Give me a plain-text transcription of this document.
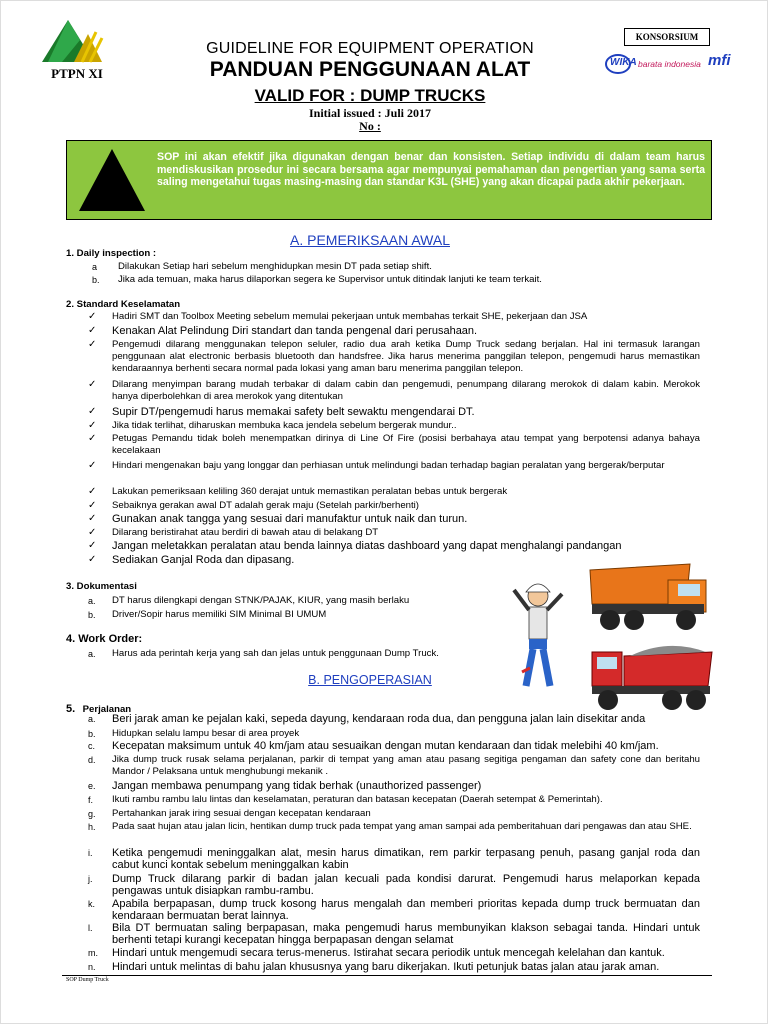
PTPN XI
GUIDELINE FOR EQUIPMENT OPERATION
PANDUAN PENGGUNAAN ALAT
VALID FOR : DUMP TRUCKS
Initial issued : Juli 2017
No :
KONSORSIUM
WIKA barata indonesia mfi
SOP ini akan efektif jika digunakan dengan benar dan konsisten. Setiap individu di dalam team harus mendiskusikan prosedur ini secara bersama agar mempunyai pemahaman dan pengertian yang sama serta saling mengetahui tugas masing-masing dan standar K3L (SHE) yang akan dicapai pada akhir pekerjaan.
A. PEMERIKSAAN AWAL
1. Daily inspection :
a Dilakukan Setiap hari sebelum menghidupkan mesin DT pada setiap shift.
b. Jika ada temuan, maka harus dilaporkan segera ke Supervisor untuk ditindak lanjuti ke team terkait.
2. Standard Keselamatan
✓ Hadiri SMT dan Toolbox Meeting sebelum memulai pekerjaan untuk membahas terkait SHE, pekerjaan dan JSA
✓ Kenakan Alat Pelindung Diri standart dan tanda pengenal dari perusahaan.
✓ Pengemudi dilarang menggunakan telepon seluler, radio dua arah ketika Dump Truck sedang berjalan. Hal ini termasuk larangan penggunaan alat electronic berbasis bluetooth dan handsfree. Jika harus menerima panggilan telepon, pengemudi harus memastikan kendaraannya berhenti secara normal pada lokasi yang aman baru menerima panggilan telepon.
✓ Dilarang menyimpan barang mudah terbakar di dalam cabin dan pengemudi, penumpang dilarang merokok di dalam kabin. Merokok hanya diperbolehkan di area merokok yang ditentukan
✓ Supir DT/pengemudi harus memakai safety belt sewaktu mengendarai DT.
✓ Jika tidak terlihat, diharuskan membuka kaca jendela sebelum bergerak mundur..
✓ Petugas Pemandu tidak boleh menempatkan dirinya di Line Of Fire (posisi berbahaya atau tempat yang berpotensi adanya bahaya kecelakaan
✓ Hindari mengenakan baju yang longgar dan perhiasan untuk melindungi badan terhadap bagian peralatan yang bergerak/berputar
✓ Lakukan pemeriksaan keliling 360 derajat untuk memastikan peralatan bebas untuk bergerak
✓ Sebaiknya gerakan awal DT adalah gerak maju (Setelah parkir/berhenti)
✓ Gunakan anak tangga yang sesuai dari manufaktur untuk naik dan turun.
✓ Dilarang beristirahat atau berdiri di bawah atau di belakang DT
✓ Jangan meletakkan peralatan atau benda lainnya diatas dashboard yang dapat menghalangi pandangan
✓ Sediakan Ganjal Roda dan dipasang.
3. Dokumentasi
a. DT harus dilengkapi dengan STNK/PAJAK, KIUR, yang masih berlaku
b. Driver/Sopir harus memiliki SIM Minimal BI UMUM
4. Work Order:
a. Harus ada perintah kerja yang sah dan jelas untuk penggunaan Dump Truck.
B. PENGOPERASIAN
5. Perjalanan
a. Beri jarak aman ke pejalan kaki, sepeda dayung, kendaraan roda dua, dan pengguna jalan lain disekitar anda
b. Hidupkan selalu lampu besar di area proyek
c. Kecepatan maksimum untuk 40 km/jam atau sesuaikan dengan mutan kendaraan dan tidak melebihi 40 km/jam.
d. Jika dump truck rusak selama perjalanan, parkir di tempat yang aman atau pasang segitiga pengaman dan safety cone dan beritahu Mandor / Pelaksana untuk menghubungi mekanik .
e. Jangan membawa penumpang yang tidak berhak (unauthorized passenger)
f. Ikuti rambu rambu lalu lintas dan keselamatan, peraturan dan batasan kecepatan (Daerah setempat & Pemerintah).
g. Pertahankan jarak iring sesuai dengan kecepatan kendaraan
h. Pada saat hujan atau jalan licin, hentikan dump truck pada tempat yang aman sampai ada pemberitahuan dari pengawas dan atau SHE.
i. Ketika pengemudi meninggalkan alat, mesin harus dimatikan, rem parkir terpasang penuh, pasang ganjal roda dan cabut kunci kontak sebelum meninggalkan kabin
j. Dump Truck dilarang parkir di badan jalan kecuali pada kondisi darurat. Pengemudi harus melaporkan kepada pengawas untuk disiapkan rambu-rambu.
k. Apabila berpapasan, dump truck kosong harus mengalah dan memberi prioritas kepada dump truck bermuatan dan kendaraan bermuatan berat lainnya.
l. Bila DT bermuatan saling berpapasan, maka pengemudi harus membunyikan klakson sebagai tanda. Hindari untuk berhenti tetapi kurangi kecepatan hingga berpapasan dengan selamat
m. Hindari untuk mengemudi secara terus-menerus. Istirahat secara periodik untuk mencegah kelelahan dan kantuk.
n. Hindari untuk melintas di bahu jalan khususnya yang baru dikerjakan. Ikuti petunjuk batas jalan atau jarak aman.
SOP Dump Truck
